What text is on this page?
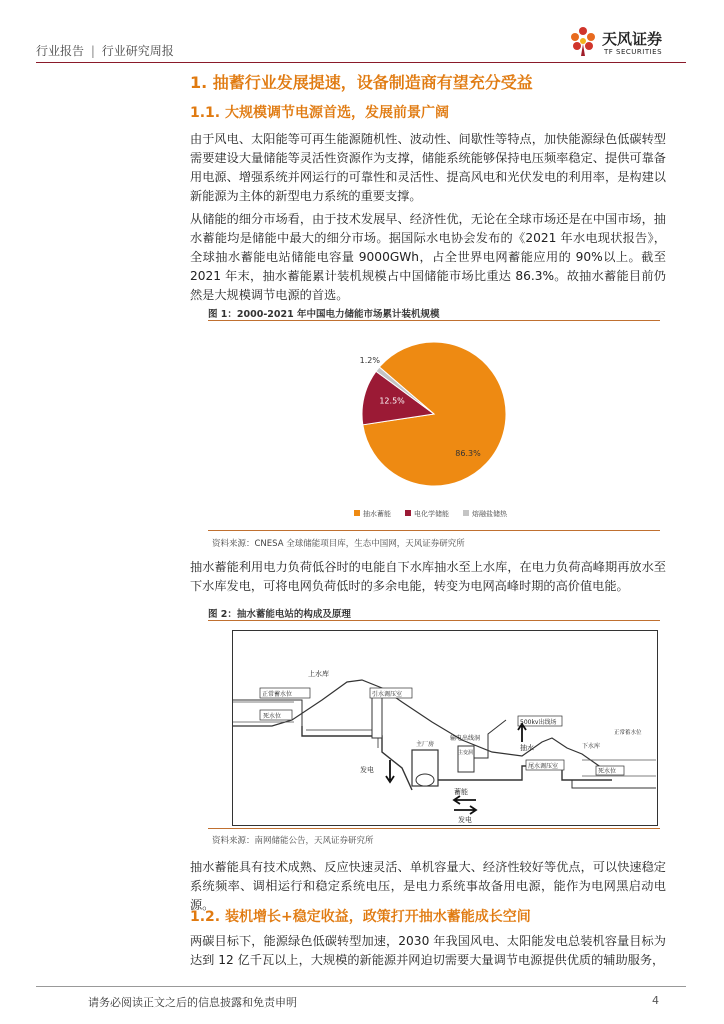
行业报告 | 行业研究周报
天风证券
TF SECURITIES
1. 抽蓄行业发展提速，设备制造商有望充分受益
1.1. 大规模调节电源首选，发展前景广阔
由于风电、太阳能等可再生能源随机性、波动性、间歇性等特点，加快能源绿色低碳转型需要建设大量储能等灵活性资源作为支撑，储能系统能够保持电压频率稳定、提供可靠备用电源、增强系统并网运行的可靠性和灵活性、提高风电和光伏发电的利用率，是构建以新能源为主体的新型电力系统的重要支撑。
从储能的细分市场看，由于技术发展早、经济性优，无论在全球市场还是在中国市场，抽水蓄能均是储能中最大的细分市场。据国际水电协会发布的《2021 年水电现状报告》，全球抽水蓄能电站储能电容量 9000GWh，占全世界电网蓄能应用的 90%以上。截至 2021 年末，抽水蓄能累计装机规模占中国储能市场比重达 86.3%。故抽水蓄能目前仍然是大规模调节电源的首选。
图 1：2000-2021 年中国电力储能市场累计装机规模
86.3%
12.5%
1.2%
抽水蓄能	电化学储能	熔融盐储热
资料来源：CNESA 全球储能项目库，生态中国网，天风证券研究所
抽水蓄能利用电力负荷低谷时的电能自下水库抽水至上水库，在电力负荷高峰期再放水至下水库发电，可将电网负荷低时的多余电能，转变为电网高峰时期的高价值电能。
图 2：抽水蓄能电站的构成及原理
正常蓄水位
死水位
上水库
引水调压室
主厂房
输电出线洞
主变洞
500kv出线场
尾水调压室
下水库
正常蓄水位
死水位
发电
抽水
蓄能
发电
资料来源：南网储能公告，天风证券研究所
抽水蓄能具有技术成熟、反应快速灵活、单机容量大、经济性较好等优点，可以快速稳定系统频率、调相运行和稳定系统电压，是电力系统事故备用电源，能作为电网黑启动电源。
1.2. 装机增长+稳定收益，政策打开抽水蓄能成长空间
两碳目标下，能源绿色低碳转型加速，2030 年我国风电、太阳能发电总装机容量目标为达到 12 亿千瓦以上，大规模的新能源并网迫切需要大量调节电源提供优质的辅助服务，
请务必阅读正文之后的信息披露和免责申明	4
